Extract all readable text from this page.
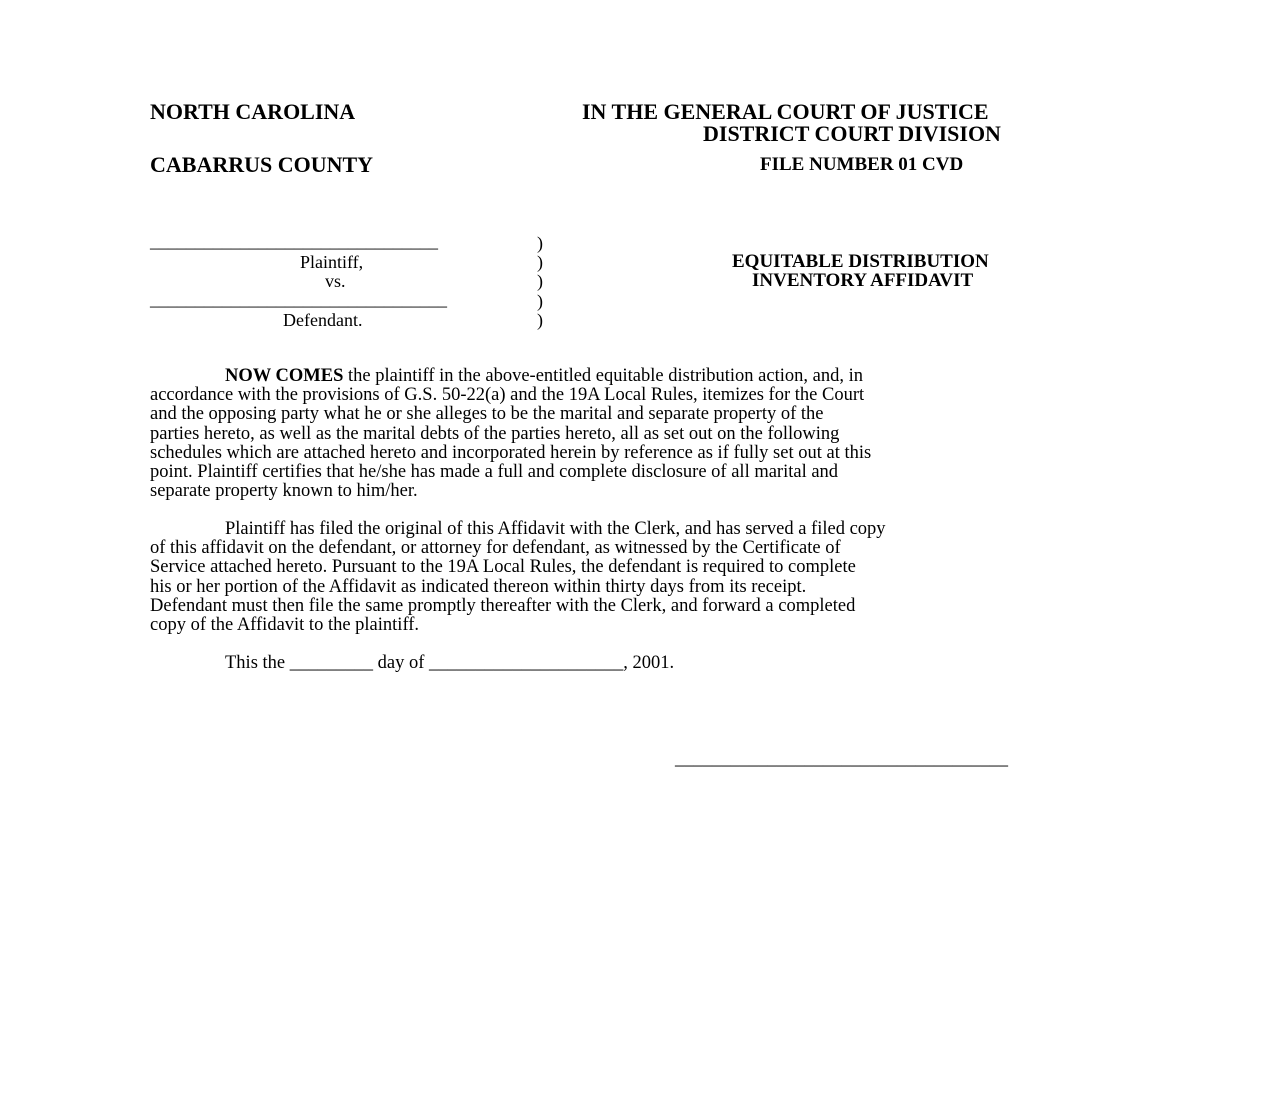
NORTH CAROLINA
CABARRUS COUNTY
IN THE GENERAL COURT OF JUSTICE
DISTRICT COURT DIVISION
FILE NUMBER 01 CVD
________________________________
Plaintiff,
vs.
_________________________________
Defendant.
)
)
)
)
)
EQUITABLE DISTRIBUTION
INVENTORY AFFIDAVIT
NOW COMES the plaintiff in the above-entitled equitable distribution action, and, in
accordance with the provisions of G.S. 50-22(a) and the 19A Local Rules, itemizes for the Court
and the opposing party what he or she alleges to be the marital and separate property of the
parties hereto, as well as the marital debts of the parties hereto, all as set out on the following
schedules which are attached hereto and incorporated herein by reference as if fully set out at this
point. Plaintiff certifies that he/she has made a full and complete disclosure of all marital and
separate property known to him/her.
Plaintiff has filed the original of this Affidavit with the Clerk, and has served a filed copy
of this affidavit on the defendant, or attorney for defendant, as witnessed by the Certificate of
Service attached hereto. Pursuant to the 19A Local Rules, the defendant is required to complete
his or her portion of the Affidavit as indicated thereon within thirty days from its receipt.
Defendant must then file the same promptly thereafter with the Clerk, and forward a completed
copy of the Affidavit to the plaintiff.
This the _________ day of _____________________, 2001.
____________________________________
